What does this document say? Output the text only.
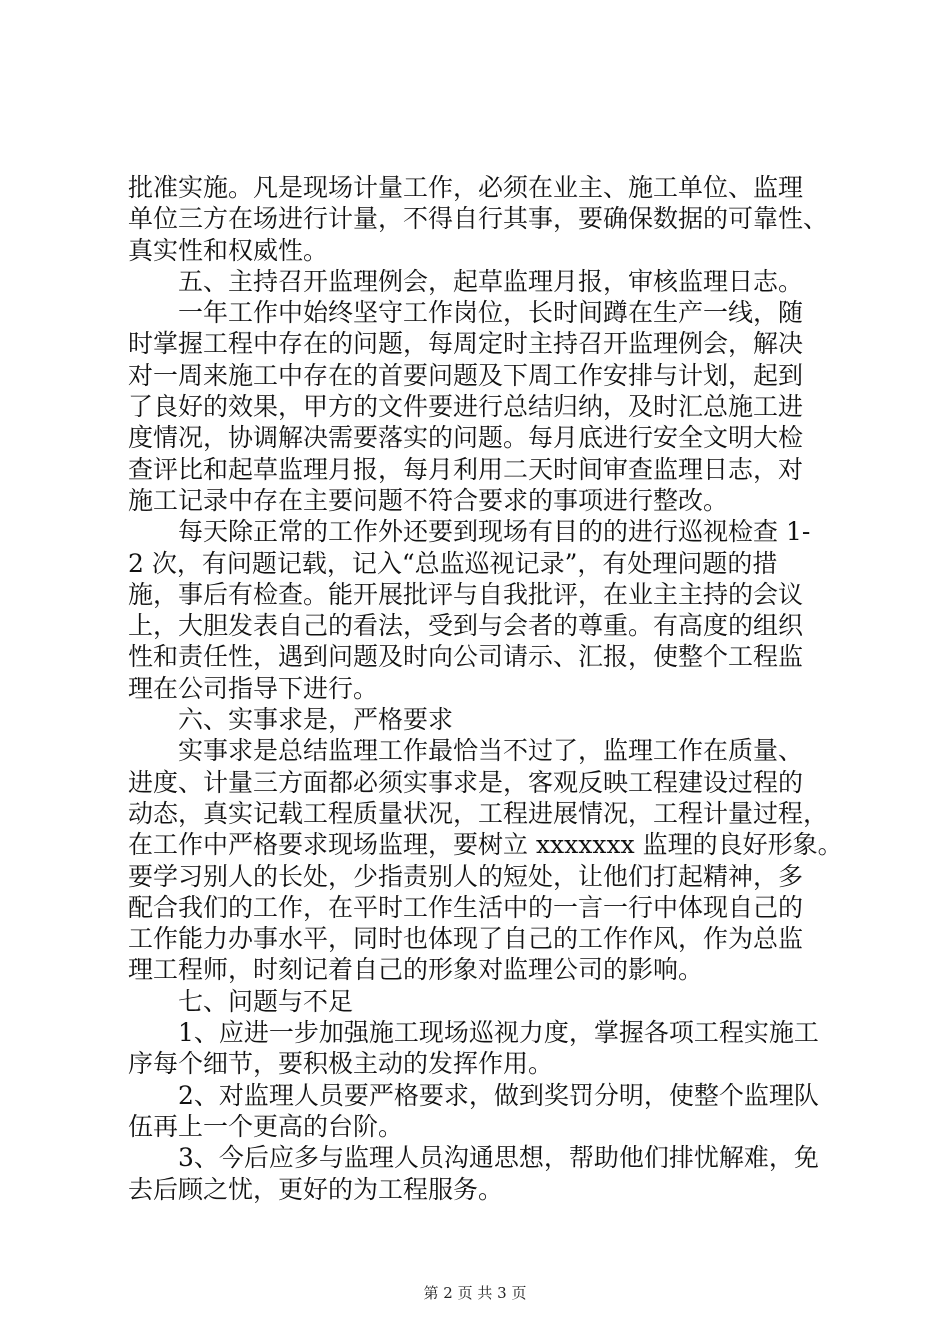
批准实施。凡是现场计量工作，必须在业主、施工单位、监理
单位三方在场进行计量，不得自行其事，要确保数据的可靠性、
真实性和权威性。
　　五、主持召开监理例会，起草监理月报，审核监理日志。
　　一年工作中始终坚守工作岗位，长时间蹲在生产一线，随
时掌握工程中存在的问题，每周定时主持召开监理例会，解决
对一周来施工中存在的首要问题及下周工作安排与计划，起到
了良好的效果，甲方的文件要进行总结归纳，及时汇总施工进
度情况，协调解决需要落实的问题。每月底进行安全文明大检
查评比和起草监理月报，每月利用二天时间审查监理日志，对
施工记录中存在主要问题不符合要求的事项进行整改。
　　每天除正常的工作外还要到现场有目的的进行巡视检查 1-
2 次，有问题记载，记入“总监巡视记录”，有处理问题的措
施，事后有检查。能开展批评与自我批评，在业主主持的会议
上，大胆发表自己的看法，受到与会者的尊重。有高度的组织
性和责任性，遇到问题及时向公司请示、汇报，使整个工程监
理在公司指导下进行。
　　六、实事求是，严格要求
　　实事求是总结监理工作最恰当不过了，监理工作在质量、
进度、计量三方面都必须实事求是，客观反映工程建设过程的
动态，真实记载工程质量状况，工程进展情况，工程计量过程，
在工作中严格要求现场监理，要树立 xxxxxxx 监理的良好形象。
要学习别人的长处，少指责别人的短处，让他们打起精神，多
配合我们的工作，在平时工作生活中的一言一行中体现自己的
工作能力办事水平，同时也体现了自己的工作作风，作为总监
理工程师，时刻记着自己的形象对监理公司的影响。
　　七、问题与不足
　　1、应进一步加强施工现场巡视力度，掌握各项工程实施工
序每个细节，要积极主动的发挥作用。
　　2、对监理人员要严格要求，做到奖罚分明，使整个监理队
伍再上一个更高的台阶。
　　3、今后应多与监理人员沟通思想，帮助他们排忧解难，免
去后顾之忧，更好的为工程服务。
第 2 页 共 3 页
